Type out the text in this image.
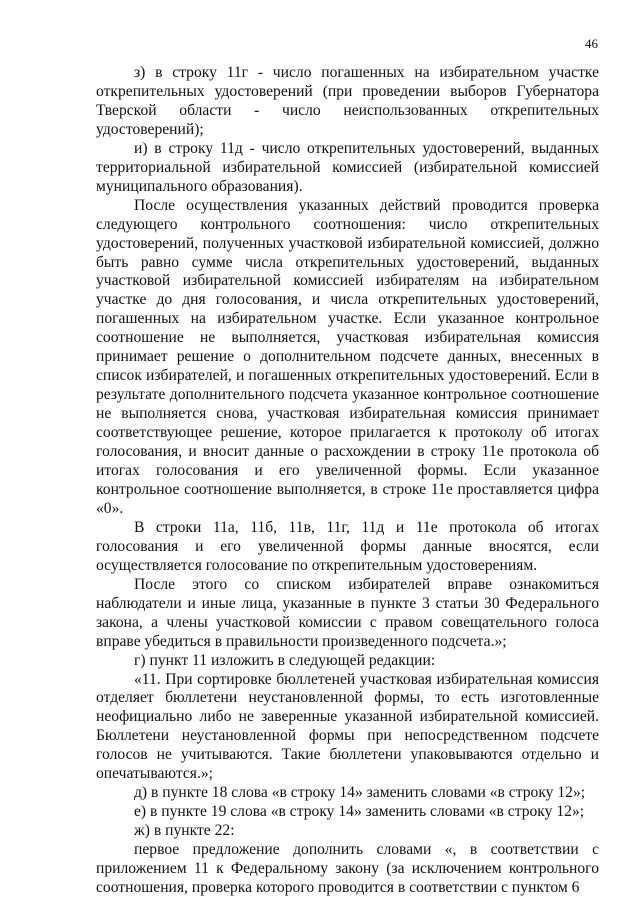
46

з) в строку 11г - число погашенных на избирательном участке открепительных удостоверений (при проведении выборов Губернатора Тверской области - число неиспользованных открепительных удостоверений);

и) в строку 11д - число открепительных удостоверений, выданных территориальной избирательной комиссией (избирательной комиссией муниципального образования).

После осуществления указанных действий проводится проверка следующего контрольного соотношения: число открепительных удостоверений, полученных участковой избирательной комиссией, должно быть равно сумме числа открепительных удостоверений, выданных участковой избирательной комиссией избирателям на избирательном участке до дня голосования, и числа открепительных удостоверений, погашенных на избирательном участке. Если указанное контрольное соотношение не выполняется, участковая избирательная комиссия принимает решение о дополнительном подсчете данных, внесенных в список избирателей, и погашенных открепительных удостоверений. Если в результате дополнительного подсчета указанное контрольное соотношение не выполняется снова, участковая избирательная комиссия принимает соответствующее решение, которое прилагается к протоколу об итогах голосования, и вносит данные о расхождении в строку 11е протокола об итогах голосования и его увеличенной формы. Если указанное контрольное соотношение выполняется, в строке 11е проставляется цифра «0».

В строки 11а, 11б, 11в, 11г, 11д и 11е протокола об итогах голосования и его увеличенной формы данные вносятся, если осуществляется голосование по открепительным удостоверениям.

После этого со списком избирателей вправе ознакомиться наблюдатели и иные лица, указанные в пункте 3 статьи 30 Федерального закона, а члены участковой комиссии с правом совещательного голоса вправе убедиться в правильности произведенного подсчета.»;

г) пункт 11 изложить в следующей редакции:

«11. При сортировке бюллетеней участковая избирательная комиссия отделяет бюллетени неустановленной формы, то есть изготовленные неофициально либо не заверенные указанной избирательной комиссией. Бюллетени неустановленной формы при непосредственном подсчете голосов не учитываются. Такие бюллетени упаковываются отдельно и опечатываются.»;

д) в пункте 18 слова «в строку 14» заменить словами «в строку 12»;

е) в пункте 19 слова «в строку 14» заменить словами «в строку 12»;

ж) в пункте 22:

первое предложение дополнить словами «, в соответствии с приложением 11 к Федеральному закону (за исключением контрольного соотношения, проверка которого проводится в соответствии с пунктом 6
